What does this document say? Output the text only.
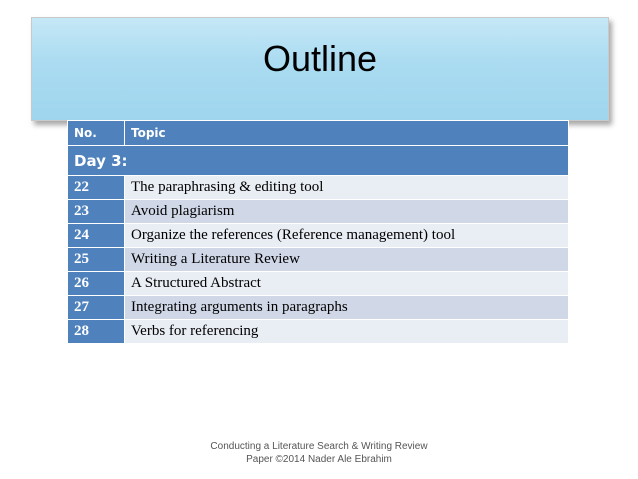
Outline
No.	Topic
Day 3:	
22	The paraphrasing & editing tool
23	Avoid plagiarism
24	Organize the references (Reference management) tool
25	Writing a Literature Review
26	A Structured Abstract
27	Integrating arguments in paragraphs
28	Verbs for referencing
Conducting a Literature Search & Writing Review
Paper ©2014 Nader Ale Ebrahim
